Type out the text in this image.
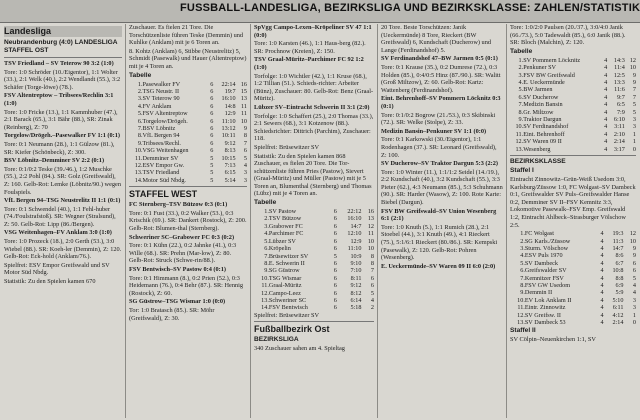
FUSSBALL-LANDESLIGA, BEZIRKSLIGA UND BEZIRKSKLASSE: ZAHLEN/STATISTIK
Landesliga

Neubrandenburg (4:0) LANDESLIGA STAFFEL OST

TSV Friedland – SV Teterow 90 3:2 (1:0)

Tore: 1:0 Schröder (10./Eigentor), 1:1 Wolter (33.), 2:1 Welk (40.), 2:2 Wendlandt (55.), 3:2 Schäfer (Torge-löwe) (78.).

FSV Altentreptow – Tribsees/Rechlin 3:1 (1:0)

Tore: 1:0 Fricke (13.), 1:1 Kammhuber (47.), 2:1 Barack (65.), 3:1 Bähr (88.), SR: Zinak (Reinberg), Z: 70

Torgelow/Drögeh.–Pasewalker FV 1:1 (0:1)

Tore: 0:1 Neumann (28.), 1:1 Gülzow (81.), SR: Kiefer (Schönbeck), Z: 300.

BSV Löbnitz–Demminer SV 2:2 (0:1)

Tore: 0:1/0:2 Teske (39./46.), 1:2 Muschke (55.), 2:2 Pohl (84.). SR: Golz (Greifswald), Z: 160. Gelb-Rot: Lemke (Löbnitz/90.) wegen Foulspiels.

VfL Bergen 94–TSG Neustrelitz II 1:1 (0:1)

Tore: 0:1 Schwendel (40.), 1:1 Fehl-huber (74./Foulstrafstoß). SR: Wegner (Stralsund), Z: 50. Gelb-Rot: Lipp (86./Bergen).

VSG Weitenhagen–FV Anklam 3:0 (1:0)

Tore: 1:0 Prozeck (18.), 2:0 Gerth (53.), 3:0 Wiebel (88.). SR: Koeh-ler (Demmin), Z: 120. Gelb-Rot: Eck-hold (Anklam/76.).

Spielfrei: ESV Empor Greifswald und SV Motor Süd Nbdg.

Statistik: Zu den Spielen kamen 670

Zuschauer. Es fielen 21 Tore. Die Torschützenliste führen Teske (Demmin) und Kuhlke (Anklam) mit je 6 Toren an.

8. Kohtz (Anklam) 6, Stibbe (Neustrelitz) 5, Schmidt (Pasewalk) und Hauer (Altentreptow) mit je 4 Toren an.

Tabelle

1.	Pasewalker FV	6	22:14	16
2.	TSG Neustr. II	6	19:7	15
3.	SV Teterow 90	6	16:10	13
4.	FV Anklam	6	14:8	11
5.	FSV Altentreptow	6	12:9	11
6.	Torgelow/Drögeh.	6	11:10	10
7.	BSV Löbnitz	6	13:12	9
8.	VfL Bergen 94	6	10:11	8
9.	Tribsees/Rechl.	6	9:12	7
10.	VSG Weitenhagen	6	8:13	6
11.	Demminer SV	5	10:15	5
12.	ESV Empor Gw.	5	7:13	4
13.	TSV Friedland	5	6:15	3
14.	Motor Süd Nbdg.	5	5:14	3

STAFFEL WEST

FC Sternberg–TSV Bützow 0:3 (0:1)

Tore: 0:1 Fust (33.), 0:2 Walker (53.), 0:3 Krischik (69.). SR: Dankert (Rostock), Z: 200. Gelb-Rot: Blumen-thal (Sternberg).

Schweriner SC–Grabower FC 0:3 (0:2)

Tore: 0:1 Kühn (22.), 0:2 Jahnke (41.), 0:3 Wille (68.). SR: Prehn (Mar-low), Z: 80. Gelb-Rot: Struck (Schwe-rin/88.).

FSV Bentwisch–SV Pastow 0:4 (0:1)

Tore: 0:1 Himmann (8.), 0:2 Prien (52.), 0:3 Heidemann (76.), 0:4 Behr (87.). SR: Hennig (Rostock), Z: 60.

SG Güstrow–TSG Wismar 1:0 (0:0)

Tor: 1:0 Bratasch (85.). SR: Möhr (Greifswald), Z: 30.

SpVgg Campo-Lexen–Kröpeliner SV 47 1:1 (0:0)

Tore: 1:0 Karsten (46.), 1:1 Haus-berg (82.). SR: Prochnow (Kreien), Z: 150.

TSV Graal-Müritz–Parchimer FC 92 1:2 (1:0)

Torfolge: 1:0 Wichtler (42.), 1:1 Kruse (68.), 1:2 Tillian (51.). Schieds-richter: Arbeiter (Bünz), Zuschauer: 80. Gelb-Rot: Benz (Graal-Müritz).

Lübzer SV–Eintracht Schwerin II 3:1 (2:0)

Torfolge: 1:0 Schaffert (25.), 2:0 Thomas (33.), 2:1 Sewers (68.), 3:1 Kotzenow (88.). Schiedsrichter: Dittrich (Parchim), Zuschauer: 118.

Spielfrei: Brüsewitzer SV

Statistik: Zu den Spielen kamen 868 Zuschauer, es fielen 20 Tore. Die Tor-schützenliste führen Pries (Pastow), Sievert (Graal-Müritz) und Müller (Pastow) mit je 5 Toren an, Blumenthal (Sternberg) und Thomas (Lübz) mit je 4 Toren an.

Tabelle

1.	SV Pastow	6	22:12	16
2.	TSV Bützow	6	16:10	13
3.	Grabower FC	6	14:7	12
4.	Parchimer FC	6	12:10	11
5.	Lübzer SV	6	12:9	10
6.	Kröpelin	6	11:10	10
7.	Brüsewitzer SV	5	10:9	8
8.	E. Schwerin II	6	9:10	8
9.	SG Güstrow	6	7:10	7
10.	TSG Wismar	6	8:11	6
11.	Graal-Müritz	6	9:12	6
12.	Campo-Leez	6	8:12	5
13.	Schweriner SC	6	6:14	4
14.	FSV Bentwisch	6	5:18	2

Spielfrei: Brüsewitzer SV

Fußballbezirk Ost

BEZIRKSLIGA

340 Zuschauer sahen am 4. Spieltag

20 Tore. Beste Torschützen: Janik (Ueckermünde) 8 Tore, Rieckert (BW Greifswald) 6, Kundschaft (Ducherow) und Lange (Ferdinandshof) 5.

SV Ferdinandshof 47–BW Jarmen 0:5 (0:1)

Tore: 0:1 Krause (35.), 0:2 Dumrese (72.), 0:3 Holden (85.), 0:4/0:5 Hinz (87./90.). SR: Walitt (Groß Miltzow), Z: 60. Gelb-Rot: Kartz: Wattenberg (Ferdinandshof).

Eint. Behrenhoff–SV Pommern Löcknitz 0:3 (0:1)

Tore: 0:1/0:2 Bogrow (21./53.), 0:3 Skibinski (72.). SR: Welke (Stolpe), Z: 33.

Medizin Bansin–Penkuner SV 1:1 (0:0)

Tore: 0:1 Karkowski (30./Eigentor), 1:1 Rodenhagen (37.). SR: Leonard (Greifswald), Z: 100.

SV Ducherow–SV Traktor Dargun 5:3 (2:2)

Tore: 1:0 Winter (11.), 1:1/1:2 Seidel (14./19.), 2:2 Kundschaft (40.), 3:2 Kundschaft (55.), 3:3 Pieter (62.), 4:3 Neumann (85.), 5:3 Schuhmann (90.). SR: Harder (Wasow), Z: 100. Rote Karte: Biebel (Dargun).

FSV BW Greifswald–SV Union Wesenberg 6:1 (2:1)

Tore: 1:0 Knuth (5.), 1:1 Rumich (28.), 2:1 Stoebel (44.), 3:1 Knuth (49.), 4:1 Rieckert (75.), 5:1/6:1 Rieckert (80./86.). SR: Kempski (Pasewalk), Z: 120. Gelb-Rot: Pohren (Wesenberg).

E. Ueckermünde–SV Waren 09 II 6:0 (2:0)

Tore: 1:0/2:0 Paulsen (20./37.), 3:0/4:0 Janik (66./73.), 5:0 Tadewaldt (85.), 6:0 Janik (88.). SR: Bloch (Malchin), Z: 120.

Tabelle

1.	SV Pommern Löcknitz	4	14:3	12
2.	Penkuner SV	4	11:4	10
3.	FSV BW Greifswald	4	12:5	9
4.	E. Ueckermünde	4	13:3	9
5.	BW Jarmen	4	11:6	7
6.	SV Ducherow	4	9:7	7
7.	Medizin Bansin	4	6:5	5
8.	Gr. Miltzow	4	7:9	5
9.	Traktor Dargun	4	6:10	3
10.	SV Ferdinandshof	4	3:11	3
11.	Eint. Behrenhoff	4	2:10	1
12.	SV Waren 09 II	4	2:14	1
13.	Wesenberg	4	3:17	0

BEZIRKSKLASSE

Staffel I

Eintracht Zinnowitz–Grün-Weiß Usedom 3:0, Karlsburg/Züssow 1:0, FC Wolgast–SV Dambeck 0:1, Greifswalder SV Puls–Greifswalder Hanse 0:2, Demminer SV II–FSV Kemnitz 3:3, Lokomotive Pasewalk–FSV Emp. Greifswald 1:2, Eintracht Ahlbeck–Strasburger Völschow 2:5.

1.	FC Wolgast	4	19:3	12
2.	SG Karls./Züssow	4	11:3	10
3.	Sturm. Völschow	4	14:7	9
4.	ESV Puls 1970	4	8:6	9
5.	SV Dambeck	4	6:7	6
6.	Greifswalder SV	4	10:8	6
7.	Kemnitzer FSV	4	8:8	5
8.	FSV GW Usedom	4	6:9	4
9.	Demmin II	4	5:9	4
10.	EV Lok Anklam II	4	5:10	3
11.	Eintr. Zinnowitz	4	6:11	3
12.	SV Greifsw. II	4	4:12	1
13.	SV Dambeck 53	4	2:14	0

Staffel II

SV Cölpin–Neuenkirchen 1:1, SV
